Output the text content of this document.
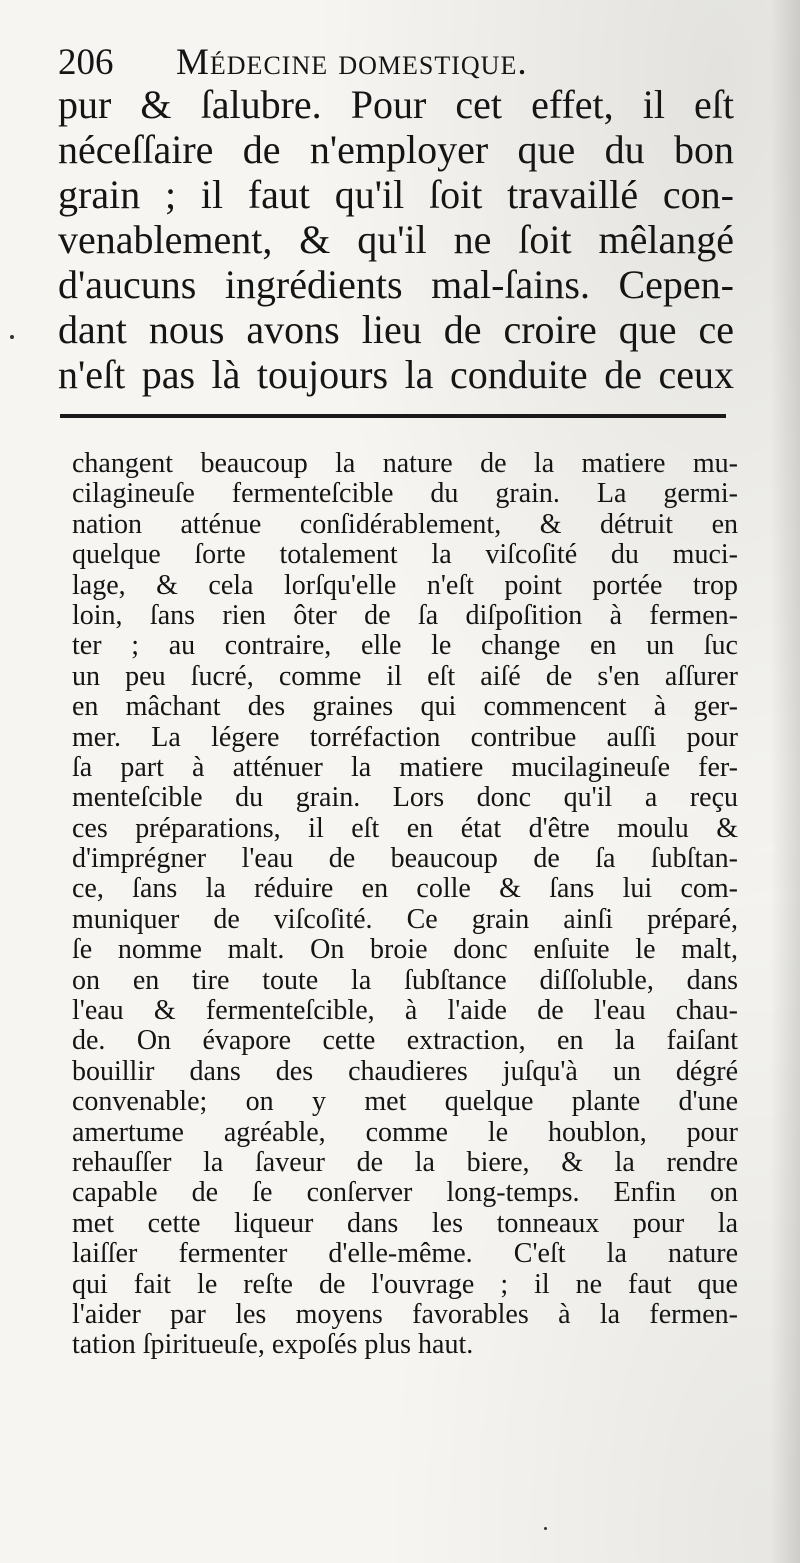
206 Médecine domestique.
pur & ſalubre. Pour cet effet, il eſt
néceſſaire de n'employer que du bon
grain ; il faut qu'il ſoit travaillé con-
venablement, & qu'il ne ſoit mêlangé
d'aucuns ingrédients mal-ſains. Cepen-
dant nous avons lieu de croire que ce
n'eſt pas là toujours la conduite de ceux
changent beaucoup la nature de la matiere mu-
cilagineuſe fermenteſcible du grain. La germi-
nation atténue conſidérablement, & détruit en
quelque ſorte totalement la viſcoſité du muci-
lage, & cela lorſqu'elle n'eſt point portée trop
loin, ſans rien ôter de ſa diſpoſition à fermen-
ter ; au contraire, elle le change en un ſuc
un peu ſucré, comme il eſt aiſé de s'en aſſurer
en mâchant des graines qui commencent à ger-
mer. La légere torréfaction contribue auſſi pour
ſa part à atténuer la matiere mucilagineuſe fer-
menteſcible du grain. Lors donc qu'il a reçu
ces préparations, il eſt en état d'être moulu &
d'imprégner l'eau de beaucoup de ſa ſubſtan-
ce, ſans la réduire en colle & ſans lui com-
muniquer de viſcoſité. Ce grain ainſi préparé,
ſe nomme malt. On broie donc enſuite le malt,
on en tire toute la ſubſtance diſſoluble, dans
l'eau & fermenteſcible, à l'aide de l'eau chau-
de. On évapore cette extraction, en la faiſant
bouillir dans des chaudieres juſqu'à un dégré
convenable; on y met quelque plante d'une
amertume agréable, comme le houblon, pour
rehauſſer la ſaveur de la biere, & la rendre
capable de ſe conſerver long-temps. Enfin on
met cette liqueur dans les tonneaux pour la
laiſſer fermenter d'elle-même. C'eſt la nature
qui fait le reſte de l'ouvrage ; il ne faut que
l'aider par les moyens favorables à la fermen-
tation ſpiritueuſe, expoſés plus haut.
